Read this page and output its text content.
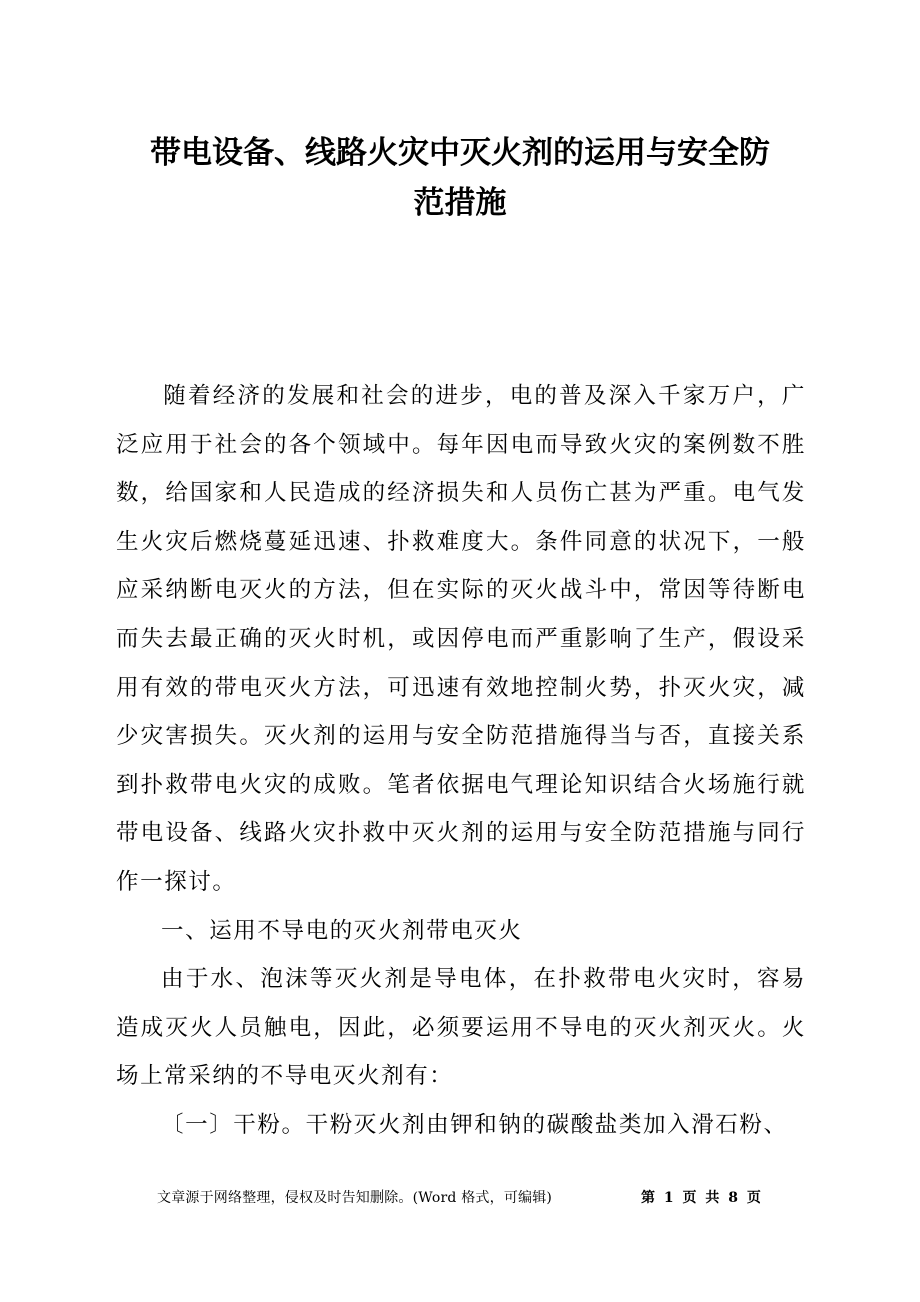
带电设备、线路火灾中灭火剂的运用与安全防
范措施

随着经济的发展和社会的进步，电的普及深入千家万户，广泛应用于社会的各个领域中。每年因电而导致火灾的案例数不胜数，给国家和人民造成的经济损失和人员伤亡甚为严重。电气发生火灾后燃烧蔓延迅速、扑救难度大。条件同意的状况下，一般应采纳断电灭火的方法，但在实际的灭火战斗中，常因等待断电而失去最正确的灭火时机，或因停电而严重影响了生产，假设采用有效的带电灭火方法，可迅速有效地控制火势，扑灭火灾，减少灾害损失。灭火剂的运用与安全防范措施得当与否，直接关系到扑救带电火灾的成败。笔者依据电气理论知识结合火场施行就带电设备、线路火灾扑救中灭火剂的运用与安全防范措施与同行作一探讨。

一、运用不导电的灭火剂带电灭火

由于水、泡沫等灭火剂是导电体，在扑救带电火灾时，容易造成灭火人员触电，因此，必须要运用不导电的灭火剂灭火。火场上常采纳的不导电灭火剂有：

〔一〕干粉。干粉灭火剂由钾和钠的碳酸盐类加入滑石粉、

文章源于网络整理，侵权及时告知删除。(Word 格式，可编辑)	第 1 页 共 8 页
